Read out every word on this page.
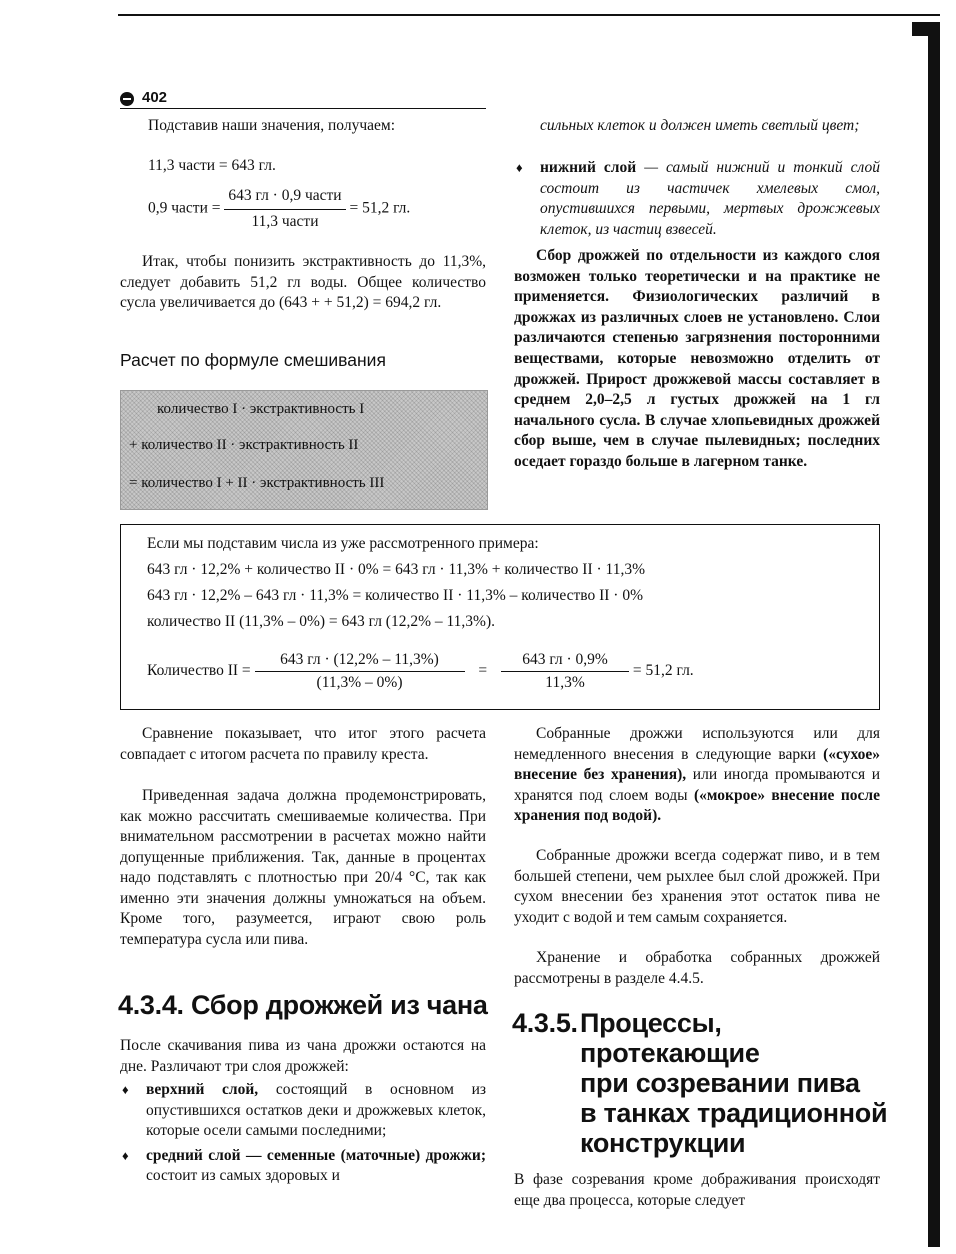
402
Подставив наши значения, получаем:
11,3 части = 643 гл.
0,9 части = $\frac{\text{643 гл · 0,9 части}}{\text{11,3 части}} = 51,2$ гл.
Итак, чтобы понизить экстрактивность до 11,3%, следует добавить 51,2 гл воды. Общее количество сусла увеличивается до (643 + + 51,2) = 694,2 гл.
Расчет по формуле смешивания
количество I · экстрактивность I
+ количество II · экстрактивность II
= количество I + II · экстрактивность III
сильных клеток и должен иметь светлый цвет;
♦ нижний слой — самый нижний и тонкий слой состоит из частичек хмелевых смол, опустившихся первыми, мертвых дрожжевых клеток, из частиц взвесей.
Сбор дрожжей по отдельности из каждого слоя возможен только теоретически и на практике не применяется. Физиологических различий в дрожжах из различных слоев не установлено. Слои различаются степенью загрязнения посторонними веществами, которые невозможно отделить от дрожжей. Прирост дрожжевой массы составляет в среднем 2,0–2,5 л густых дрожжей на 1 гл начального сусла. В случае хлопьевидных дрожжей сбор выше, чем в случае пылевидных; последних оседает гораздо больше в лагерном танке.
Если мы подставим числа из уже рассмотренного примера:
643 гл · 12,2% + количество II · 0% = 643 гл · 11,3% + количество II · 11,3%
643 гл · 12,2% – 643 гл · 11,3% = количество II · 11,3% – количество II · 0%
количество II (11,3% – 0%) = 643 гл (12,2% – 11,3%).
Количество II = $\frac{643 гл \cdot (12,2\% - 11,3\%)}{(11,3\% - 0\%)} = \frac{643 гл \cdot 0,9\%}{11,3\%} = 51,2$ гл.
Сравнение показывает, что итог этого расчета совпадает с итогом расчета по правилу креста.
Приведенная задача должна продемонстрировать, как можно рассчитать смешиваемые количества. При внимательном рассмотрении в расчетах можно найти допущенные приближения. Так, данные в процентах надо подставлять с плотностью при 20/4 °С, так как именно эти значения должны умножаться на объем. Кроме того, разумеется, играют свою роль температура сусла или пива.
4.3.4. Сбор дрожжей из чана
После скачивания пива из чана дрожжи остаются на дне. Различают три слоя дрожжей:
♦ верхний слой, состоящий в основном из опустившихся остатков деки и дрожжевых клеток, которые осели самыми последними;
♦ средний слой — семенные (маточные) дрожжи; состоит из самых здоровых и
Собранные дрожжи используются или для немедленного внесения в следующие варки («сухое» внесение без хранения), или иногда промываются и хранятся под слоем воды («мокрое» внесение после хранения под водой).
Собранные дрожжи всегда содержат пиво, и в тем большей степени, чем рыхлее был слой дрожжей. При сухом внесении без хранения этот остаток пива не уходит с водой и тем самым сохраняется.
Хранение и обработка собранных дрожжей рассмотрены в разделе 4.4.5.
4.3.5. Процессы,
протекающие
при созревании пива
в танках традиционной
конструкции
В фазе созревания кроме дображивания происходят еще два процесса, которые следует
